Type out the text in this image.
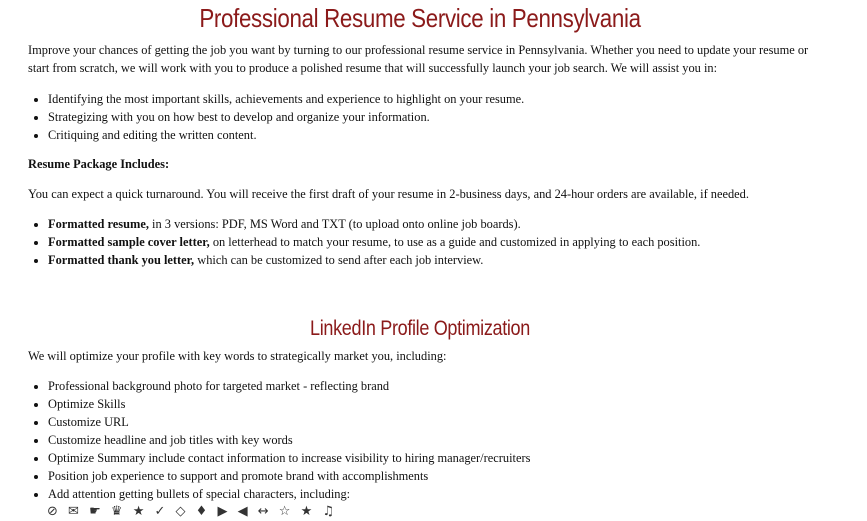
Professional Resume Service in Pennsylvania

Improve your chances of getting the job you want by turning to our professional resume service in Pennsylvania. Whether you need to update your resume or start from scratch, we will work with you to produce a polished resume that will successfully launch your job search. We will assist you in:

• Identifying the most important skills, achievements and experience to highlight on your resume.
• Strategizing with you on how best to develop and organize your information.
• Critiquing and editing the written content.

Resume Package Includes:

You can expect a quick turnaround. You will receive the first draft of your resume in 2-business days, and 24-hour orders are available, if needed.

• Formatted resume, in 3 versions: PDF, MS Word and TXT (to upload onto online job boards).
• Formatted sample cover letter, on letterhead to match your resume, to use as a guide and customized in applying to each position.
• Formatted thank you letter, which can be customized to send after each job interview.
LinkedIn Profile Optimization

We will optimize your profile with key words to strategically market you, including:

• Professional background photo for targeted market - reflecting brand
• Optimize Skills
• Customize URL
• Customize headline and job titles with key words
• Optimize Summary include contact information to increase visibility to hiring manager/recruiters
• Position job experience to support and promote brand with accomplishments
• Add attention getting bullets of special characters, including:
⊘ ✉ ☛ ♛ ★ ✓ ◇ ♦ ▶ ◀ ↔ ☆ ★ ♫
